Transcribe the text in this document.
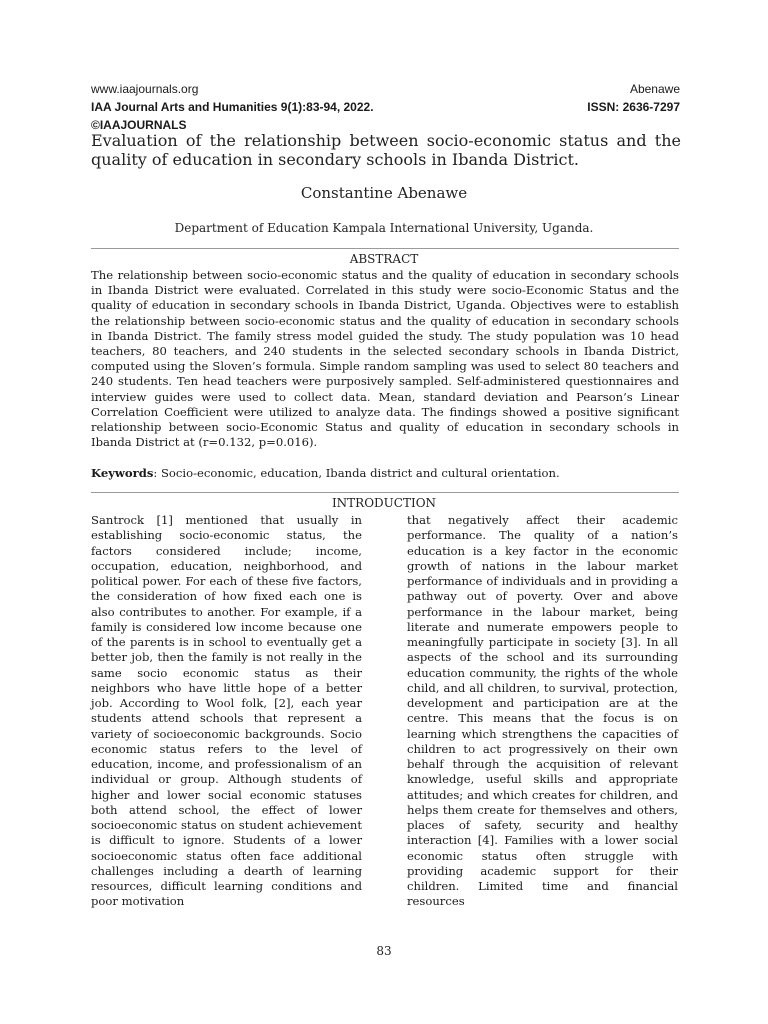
www.iaajournals.org	Abenawe
IAA Journal Arts and Humanities 9(1):83-94, 2022.	ISSN: 2636-7297
©IAAJOURNALS
Evaluation of the relationship between socio-economic status and the quality of education in secondary schools in Ibanda District.
Constantine Abenawe
Department of Education Kampala International University, Uganda.
ABSTRACT

The relationship between socio-economic status and the quality of education in secondary schools in Ibanda District were evaluated. Correlated in this study were socio-Economic Status and the quality of education in secondary schools in Ibanda District, Uganda. Objectives were to establish the relationship between socio-economic status and the quality of education in secondary schools in Ibanda District. The family stress model guided the study. The study population was 10 head teachers, 80 teachers, and 240 students in the selected secondary schools in Ibanda District, computed using the Sloven’s formula. Simple random sampling was used to select 80 teachers and 240 students. Ten head teachers were purposively sampled. Self-administered questionnaires and interview guides were used to collect data. Mean, standard deviation and Pearson’s Linear Correlation Coefficient were utilized to analyze data. The findings showed a positive significant relationship between socio-Economic Status and quality of education in secondary schools in Ibanda District at (r=0.132, p=0.016).

Keywords: Socio-economic, education, Ibanda district and cultural orientation.

INTRODUCTION

Santrock [1] mentioned that usually in establishing socio-economic status, the factors considered include; income, occupation, education, neighborhood, and political power. For each of these five factors, the consideration of how fixed each one is also contributes to another. For example, if a family is considered low income because one of the parents is in school to eventually get a better job, then the family is not really in the same socio economic status as their neighbors who have little hope of a better job. According to Wool folk, [2], each year students attend schools that represent a variety of socioeconomic backgrounds. Socio economic status refers to the level of education, income, and professionalism of an individual or group. Although students of higher and lower social economic statuses both attend school, the effect of lower socioeconomic status on student achievement is difficult to ignore. Students of a lower socioeconomic status often face additional challenges including a dearth of learning resources, difficult learning conditions and poor motivation

that negatively affect their academic performance. The quality of a nation’s education is a key factor in the economic growth of nations in the labour market performance of individuals and in providing a pathway out of poverty. Over and above performance in the labour market, being literate and numerate empowers people to meaningfully participate in society [3]. In all aspects of the school and its surrounding education community, the rights of the whole child, and all children, to survival, protection, development and participation are at the centre. This means that the focus is on learning which strengthens the capacities of children to act progressively on their own behalf through the acquisition of relevant knowledge, useful skills and appropriate attitudes; and which creates for children, and helps them create for themselves and others, places of safety, security and healthy interaction [4]. Families with a lower social economic status often struggle with providing academic support for their children. Limited time and financial resources

83
